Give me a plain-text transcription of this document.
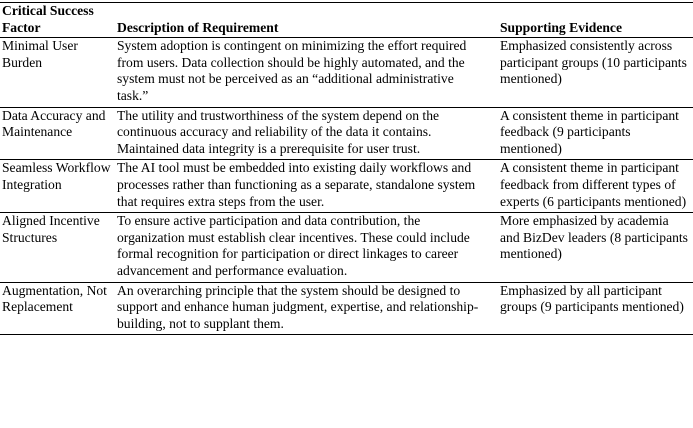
Critical Success Factor	Description of Requirement	Supporting Evidence
Minimal User Burden	System adoption is contingent on minimizing the effort required from users. Data collection should be highly automated, and the system must not be perceived as an “additional administrative task.”	Emphasized consistently across participant groups (10 participants mentioned)
Data Accuracy and Maintenance	The utility and trustworthiness of the system depend on the continuous accuracy and reliability of the data it contains. Maintained data integrity is a prerequisite for user trust.	A consistent theme in participant feedback (9 participants mentioned)
Seamless Workflow Integration	The AI tool must be embedded into existing daily workflows and processes rather than functioning as a separate, standalone system that requires extra steps from the user.	A consistent theme in participant feedback from different types of experts (6 participants mentioned)
Aligned Incentive Structures	To ensure active participation and data contribution, the organization must establish clear incentives. These could include formal recognition for participation or direct linkages to career advancement and performance evaluation.	More emphasized by academia and BizDev leaders (8 participants mentioned)
Augmentation, Not Replacement	An overarching principle that the system should be designed to support and enhance human judgment, expertise, and relationship-building, not to supplant them.	Emphasized by all participant groups (9 participants mentioned)
